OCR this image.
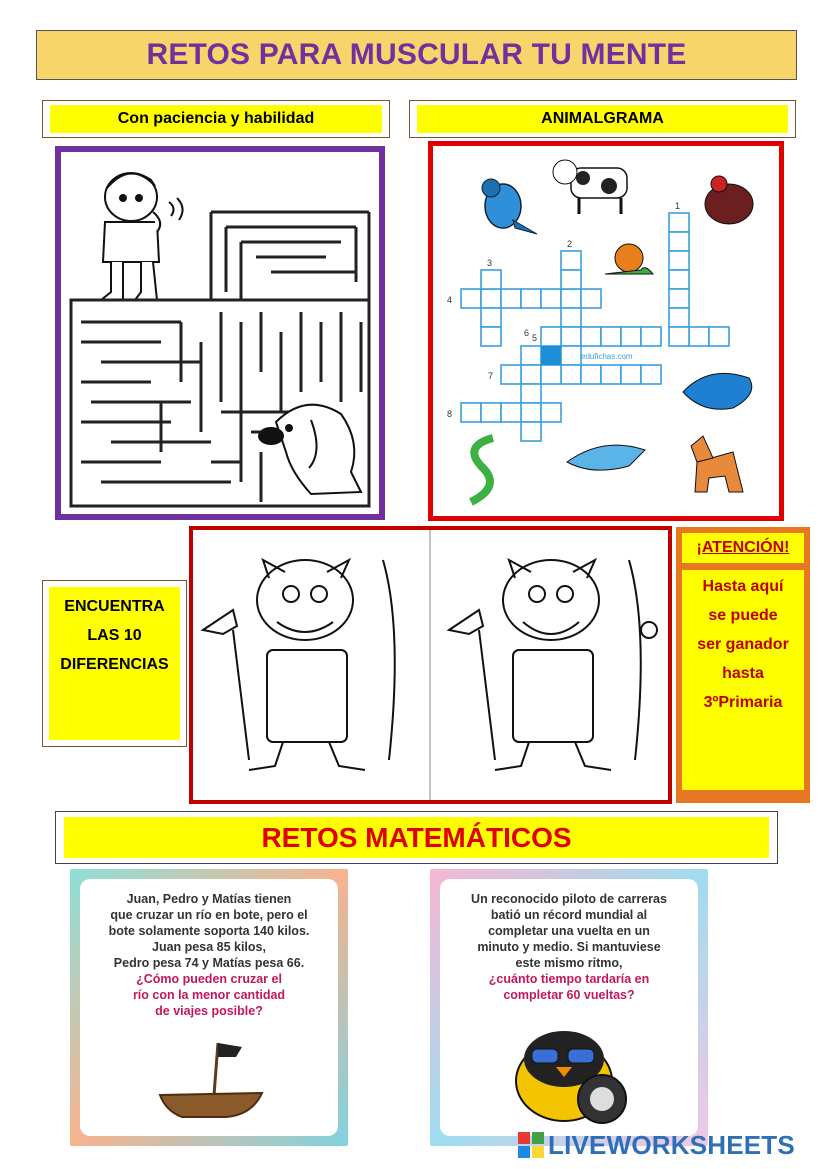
RETOS PARA MUSCULAR TU MENTE
Con paciencia y habilidad	ANIMALGRAMA
edufichas.com
1
2
3
4
5
6
7
8
ENCUENTRA
LAS 10
DIFERENCIAS
¡ATENCIÓN!
Hasta aquí
se puede
ser ganador
hasta
3ºPrimaria
RETOS MATEMÁTICOS
Juan, Pedro y Matías tienen
que cruzar un río en bote, pero el
bote solamente soporta 140 kilos.
Juan pesa 85 kilos,
Pedro pesa 74 y Matías pesa 66.
¿Cómo pueden cruzar el
río con la menor cantidad
de viajes posible?
Un reconocido piloto de carreras
batió un récord mundial al
completar una vuelta en un
minuto y medio. Si mantuviese
este mismo ritmo,
¿cuánto tiempo tardaría en
completar 60 vueltas?
LIVEWORKSHEETS
